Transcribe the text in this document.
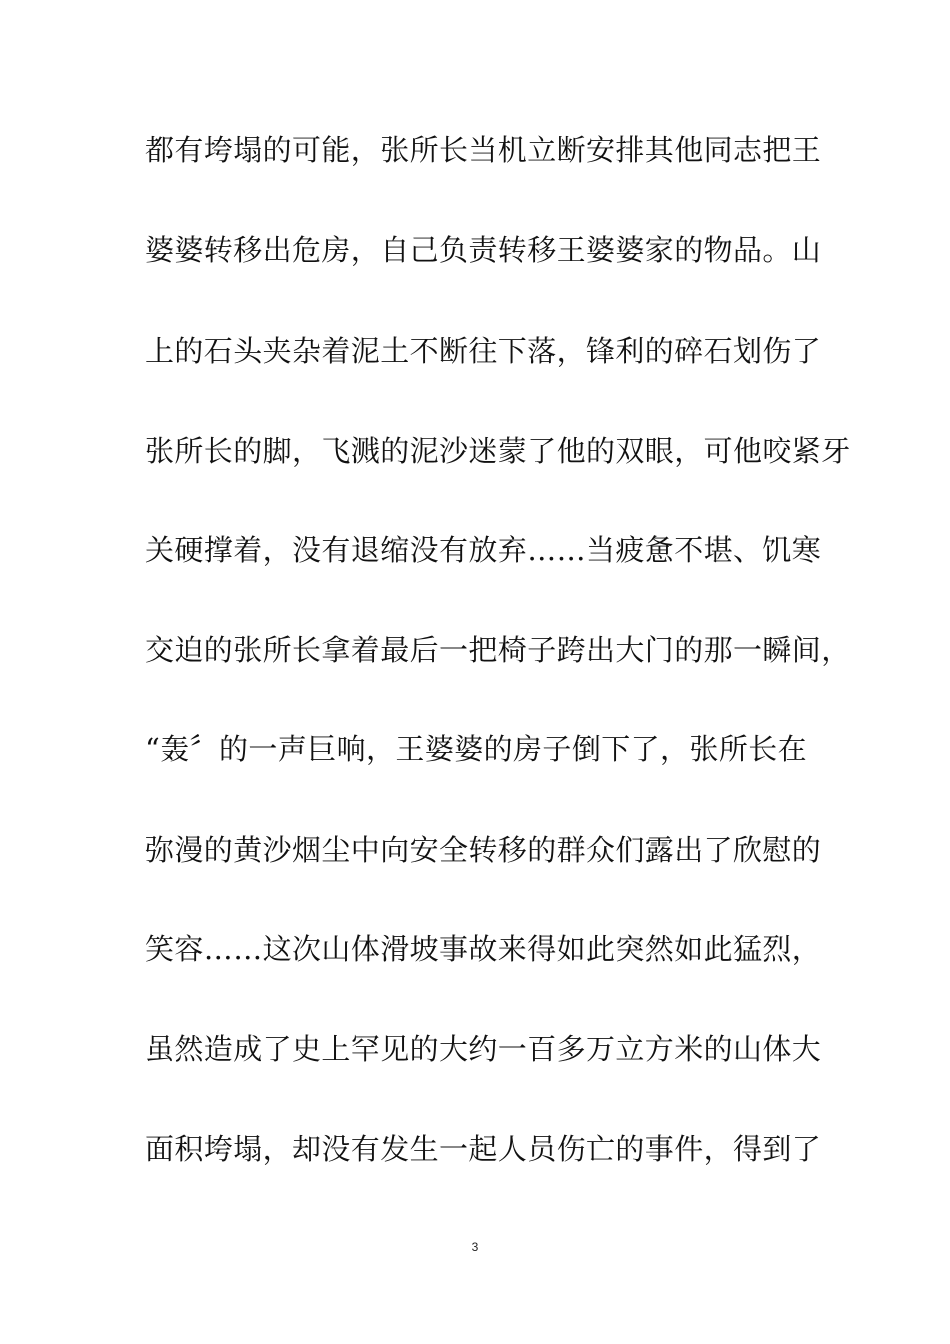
都有垮塌的可能，张所长当机立断安排其他同志把王
婆婆转移出危房，自己负责转移王婆婆家的物品。山
上的石头夹杂着泥土不断往下落，锋利的碎石划伤了
张所长的脚，飞溅的泥沙迷蒙了他的双眼，可他咬紧牙
关硬撑着，没有退缩没有放弃……当疲惫不堪、饥寒
交迫的张所长拿着最后一把椅子跨出大门的那一瞬间，
“轰〞的一声巨响，王婆婆的房子倒下了，张所长在
弥漫的黄沙烟尘中向安全转移的群众们露出了欣慰的
笑容……这次山体滑坡事故来得如此突然如此猛烈，
虽然造成了史上罕见的大约一百多万立方米的山体大
面积垮塌，却没有发生一起人员伤亡的事件，得到了
3
